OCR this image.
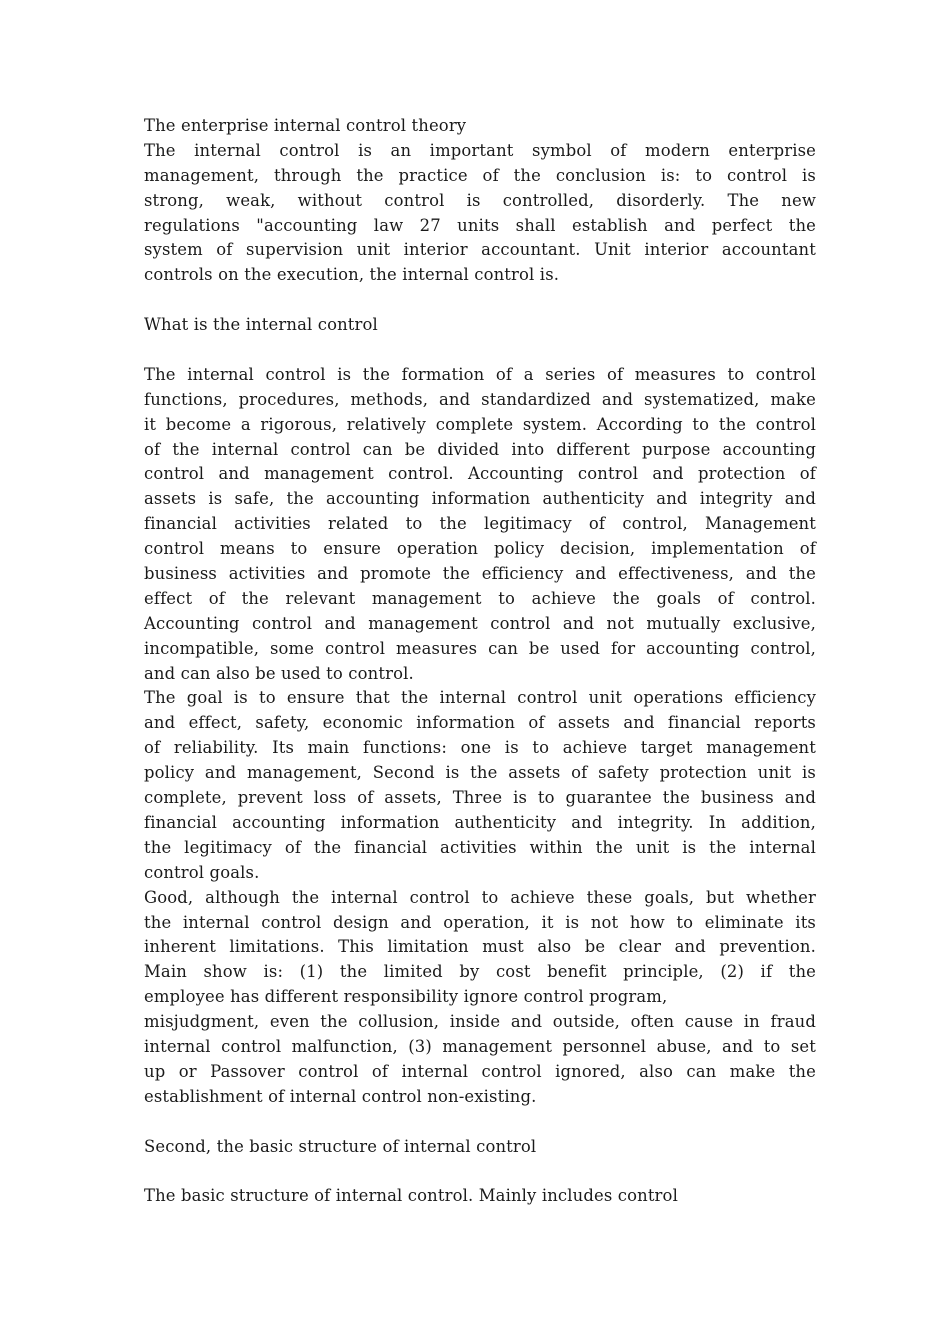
The enterprise internal control theory
The internal control is an important symbol of modern enterprise
management, through the practice of the conclusion is: to control is
strong, weak, without control is controlled, disorderly. The new
regulations "accounting law 27 units shall establish and perfect the
system of supervision unit interior accountant. Unit interior accountant
controls on the execution, the internal control is.
What is the internal control
The internal control is the formation of a series of measures to control
functions, procedures, methods, and standardized and systematized, make
it become a rigorous, relatively complete system. According to the control
of the internal control can be divided into different purpose accounting
control and management control. Accounting control and protection of
assets is safe, the accounting information authenticity and integrity and
financial activities related to the legitimacy of control, Management
control means to ensure operation policy decision, implementation of
business activities and promote the efficiency and effectiveness, and the
effect of the relevant management to achieve the goals of control.
Accounting control and management control and not mutually exclusive,
incompatible, some control measures can be used for accounting control,
and can also be used to control.
The goal is to ensure that the internal control unit operations efficiency
and effect, safety, economic information of assets and financial reports
of reliability. Its main functions: one is to achieve target management
policy and management, Second is the assets of safety protection unit is
complete, prevent loss of assets, Three is to guarantee the business and
financial accounting information authenticity and integrity. In addition,
the legitimacy of the financial activities within the unit is the internal
control goals.
Good, although the internal control to achieve these goals, but whether
the internal control design and operation, it is not how to eliminate its
inherent limitations. This limitation must also be clear and prevention.
Main show is: (1) the limited by cost benefit principle, (2) if the
employee has different responsibility ignore control program,
misjudgment, even the collusion, inside and outside, often cause in fraud
internal control malfunction, (3) management personnel abuse, and to set
up or Passover control of internal control ignored, also can make the
establishment of internal control non-existing.
Second, the basic structure of internal control
The basic structure of internal control. Mainly includes control
